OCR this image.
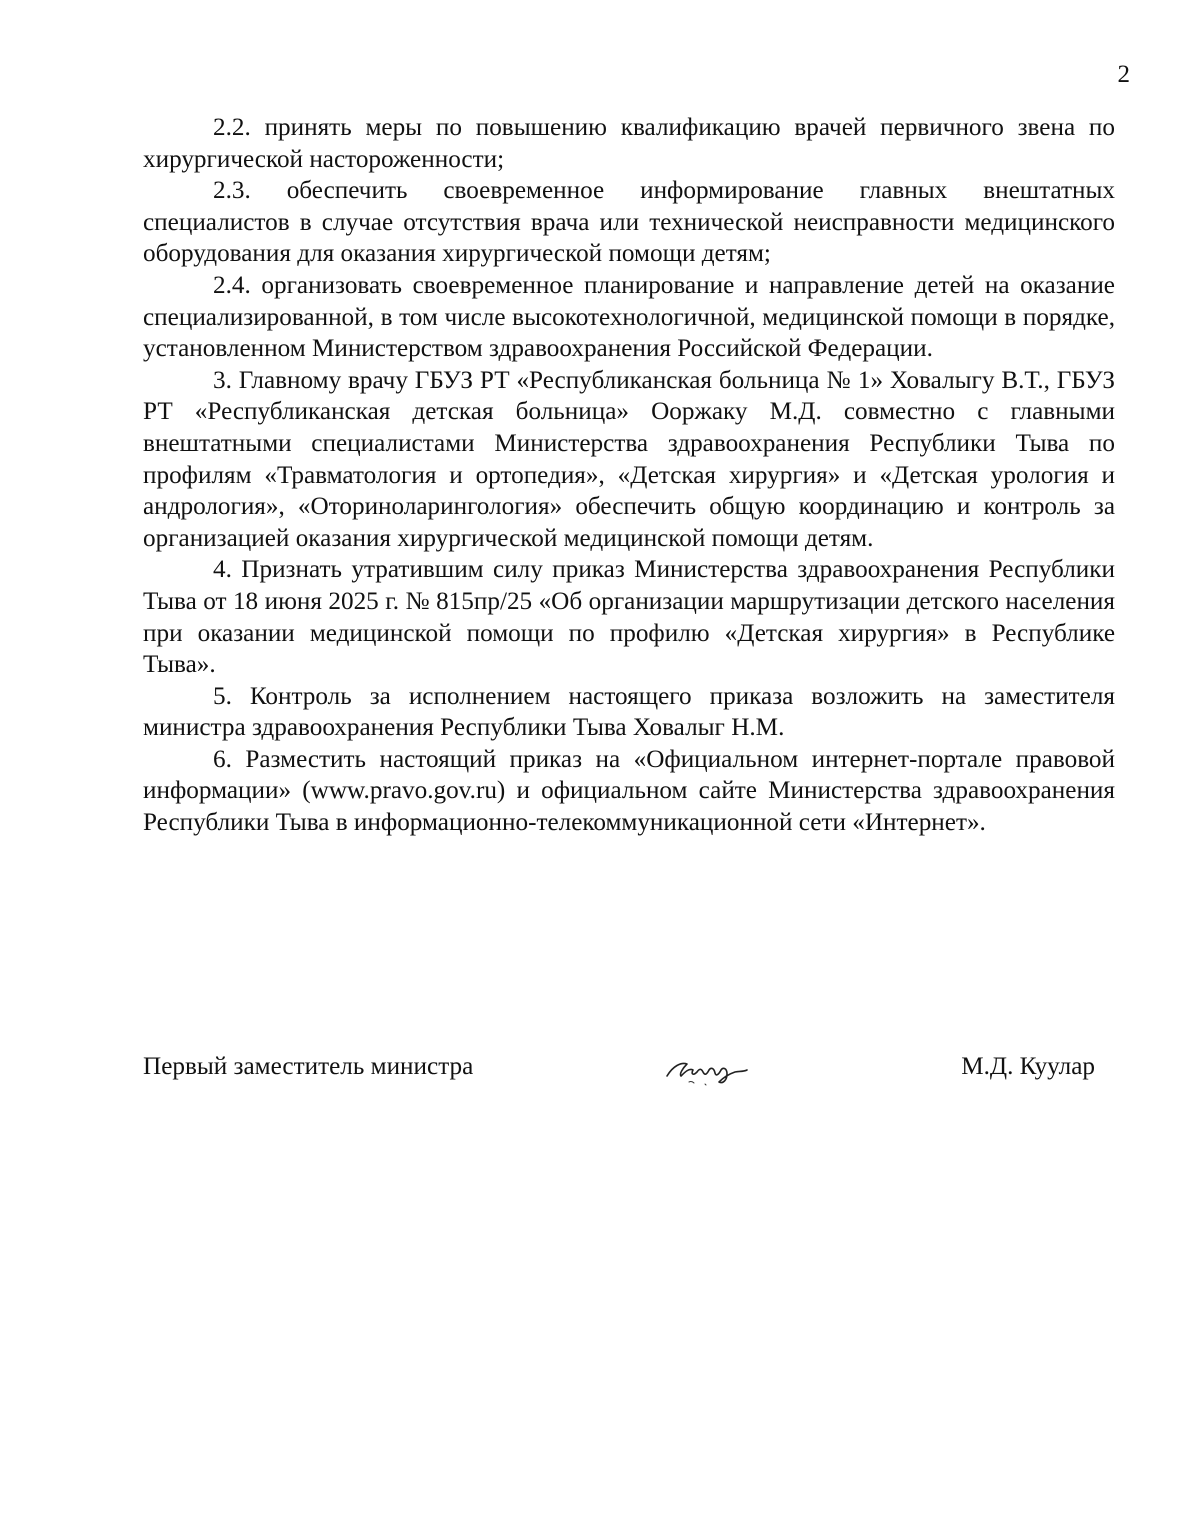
2

2.2. принять меры по повышению квалификацию врачей первичного звена по хирургической настороженности;

2.3. обеспечить своевременное информирование главных внештатных специалистов в случае отсутствия врача или технической неисправности медицинского оборудования для оказания хирургической помощи детям;

2.4. организовать своевременное планирование и направление детей на оказание специализированной, в том числе высокотехнологичной, медицинской помощи в порядке, установленном Министерством здравоохранения Российской Федерации.

3. Главному врачу ГБУЗ РТ «Республиканская больница № 1» Ховалыгу В.Т., ГБУЗ РТ «Республиканская детская больница» Ооржаку М.Д. совместно с главными внештатными специалистами Министерства здравоохранения Республики Тыва по профилям «Травматология и ортопедия», «Детская хирургия» и «Детская урология и андрология», «Оториноларингология» обеспечить общую координацию и контроль за организацией оказания хирургической медицинской помощи детям.

4. Признать утратившим силу приказ Министерства здравоохранения Республики Тыва от 18 июня 2025 г. № 815пр/25 «Об организации маршрутизации детского населения при оказании медицинской помощи по профилю «Детская хирургия» в Республике Тыва».

5. Контроль за исполнением настоящего приказа возложить на заместителя министра здравоохранения Республики Тыва Ховалыг Н.М.

6. Разместить настоящий приказ на «Официальном интернет-портале правовой информации» (www.pravo.gov.ru) и официальном сайте Министерства здравоохранения Республики Тыва в информационно-телекоммуникационной сети «Интернет».

Первый заместитель министра	М.Д. Куулар
